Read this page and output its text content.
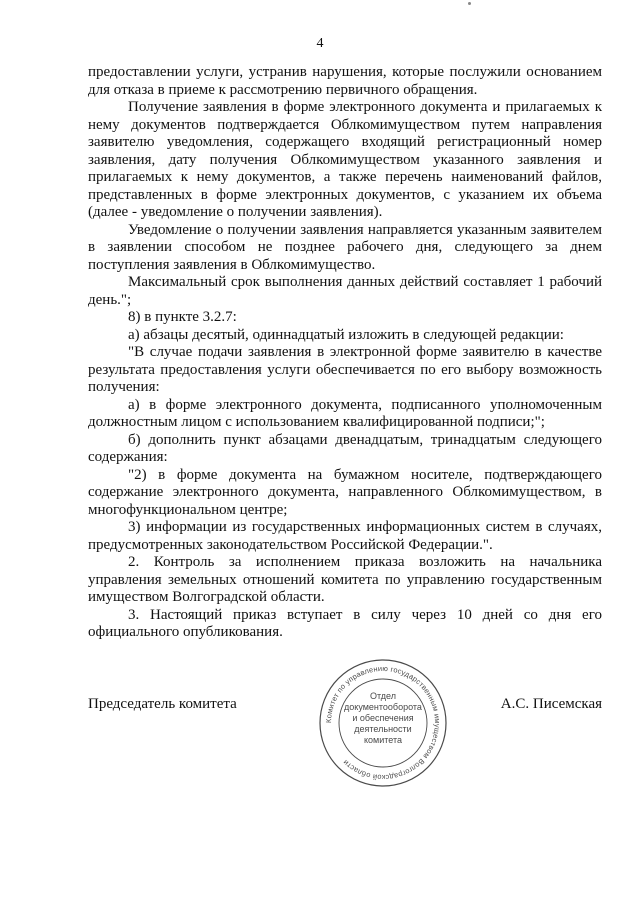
4

предоставлении услуги, устранив нарушения, которые послужили основанием для отказа в приеме к рассмотрению первичного обращения.

Получение заявления в форме электронного документа и прилагаемых к нему документов подтверждается Облкомимуществом путем направления заявителю уведомления, содержащего входящий регистрационный номер заявления, дату получения Облкомимуществом указанного заявления и прилагаемых к нему документов, а также перечень наименований файлов, представленных в форме электронных документов, с указанием их объема (далее - уведомление о получении заявления).

Уведомление о получении заявления направляется указанным заявителем в заявлении способом не позднее рабочего дня, следующего за днем поступления заявления в Облкомимущество.

Максимальный срок выполнения данных действий составляет 1 рабочий день.";

8) в пункте 3.2.7:

а) абзацы десятый, одиннадцатый изложить в следующей редакции:

"В случае подачи заявления в электронной форме заявителю в качестве результата предоставления услуги обеспечивается по его выбору возможность получения:

а) в форме электронного документа, подписанного уполномоченным должностным лицом с использованием квалифицированной подписи;";

б) дополнить пункт абзацами двенадцатым, тринадцатым следующего содержания:

"2) в форме документа на бумажном носителе, подтверждающего содержание электронного документа, направленного Облкомимуществом, в многофункциональном центре;

3) информации из государственных информационных систем в случаях, предусмотренных законодательством Российской Федерации.".

2. Контроль за исполнением приказа возложить на начальника управления земельных отношений комитета по управлению государственным имуществом Волгоградской области.

3. Настоящий приказ вступает в силу через 10 дней со дня его официального опубликования.

Председатель комитета	А.С. Писемская
Комитет по управлению государственным имуществом Волгоградской области
Отдел
документооборота
и обеспечения
деятельности
комитета
